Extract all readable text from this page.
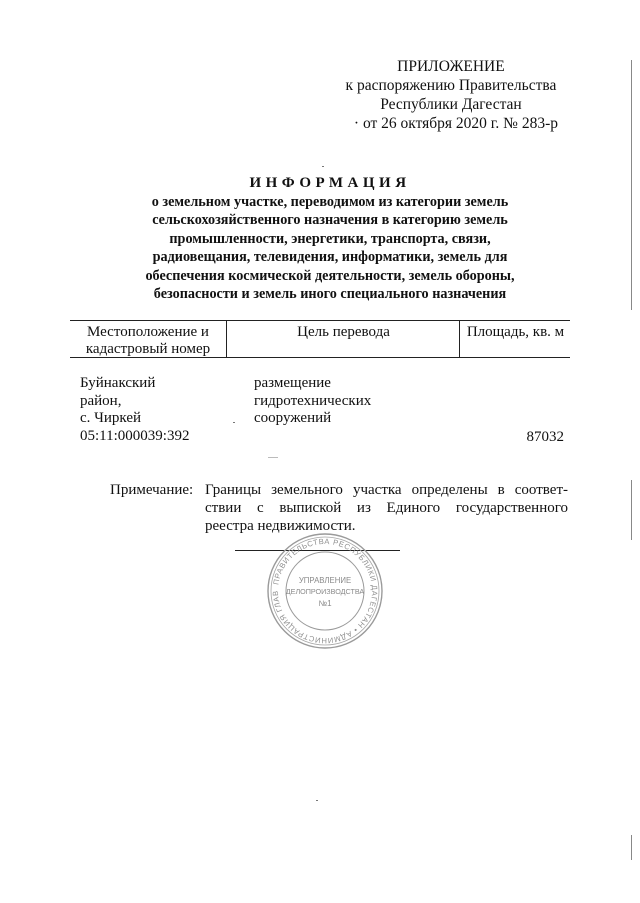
ПРИЛОЖЕНИЕ
к распоряжению Правительства
Республики Дагестан
· от 26 октября 2020 г. № 283-р
ИНФОРМАЦИЯ
о земельном участке, переводимом из категории земель
сельскохозяйственного назначения в категорию земель
промышленности, энергетики, транспорта, связи,
радиовещания, телевидения, информатики, земель для
обеспечения космической деятельности, земель обороны,
безопасности и земель иного специального назначения
Местоположение и
кадастровый номер
Цель перевода	Площадь, кв. м
Буйнакский
район,
с. Чиркей
05:11:000039:392
размещение
гидротехнических
сооружений
87032
Примечание: Границы земельного участка определены в соответ-
ствии с выпиской из Единого государственного
реестра недвижимости.
ПРАВИТЕЛЬСТВА РЕСПУБЛИКИ ДАГЕСТАН • АДМИНИСТРАЦИЯ ГЛАВ
УПРАВЛЕНИЕ
ДЕЛОПРОИЗВОДСТВА
№1
